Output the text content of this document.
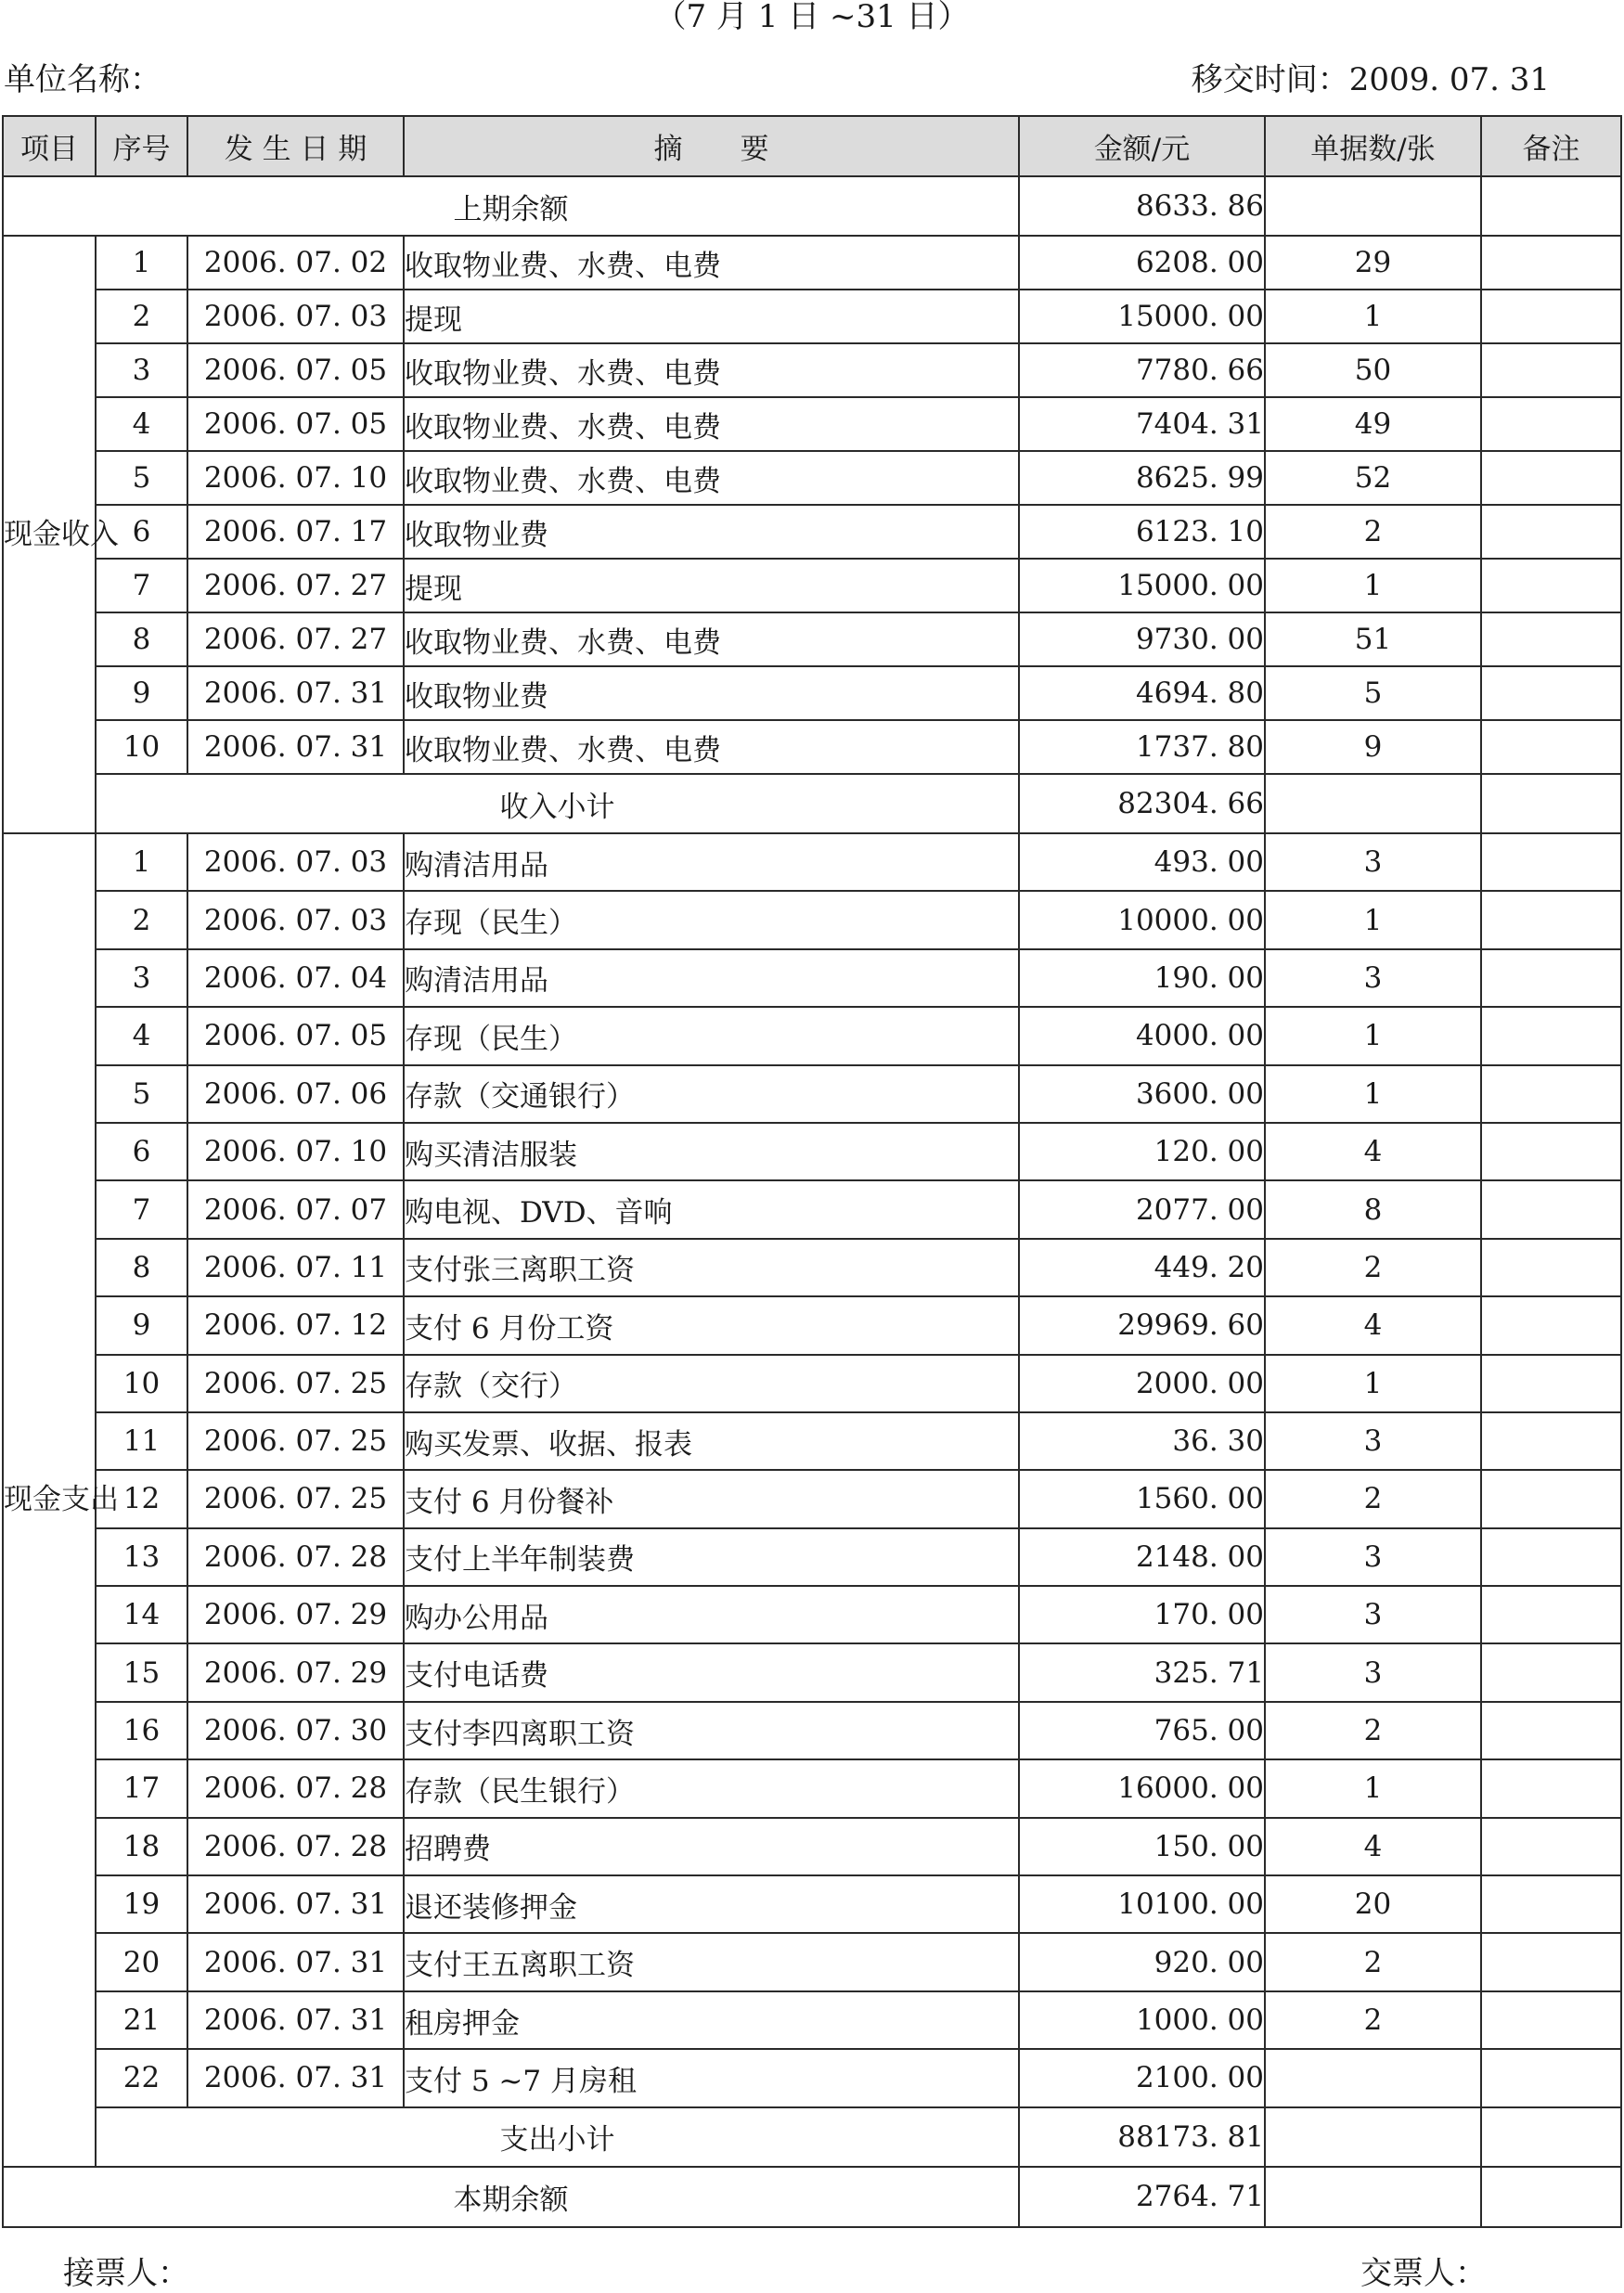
（7 月 1 日 ~31 日）
单位名称：	移交时间：2009. 07. 31
项目	序号	发 生 日 期	摘　　要	金额/元	单据数/张	备注
上期余额				8633. 86		
现金收入	1	2006. 07. 02	收取物业费、水费、电费	6208. 00	29	
	2	2006. 07. 03	提现	15000. 00	1	
	3	2006. 07. 05	收取物业费、水费、电费	7780. 66	50	
	4	2006. 07. 05	收取物业费、水费、电费	7404. 31	49	
	5	2006. 07. 10	收取物业费、水费、电费	8625. 99	52	
	6	2006. 07. 17	收取物业费	6123. 10	2	
	7	2006. 07. 27	提现	15000. 00	1	
	8	2006. 07. 27	收取物业费、水费、电费	9730. 00	51	
	9	2006. 07. 31	收取物业费	4694. 80	5	
	10	2006. 07. 31	收取物业费、水费、电费	1737. 80	9	
	收入小计			82304. 66		
现金支出	1	2006. 07. 03	购清洁用品	493. 00	3	
	2	2006. 07. 03	存现（民生）	10000. 00	1	
	3	2006. 07. 04	购清洁用品	190. 00	3	
	4	2006. 07. 05	存现（民生）	4000. 00	1	
	5	2006. 07. 06	存款（交通银行）	3600. 00	1	
	6	2006. 07. 10	购买清洁服装	120. 00	4	
	7	2006. 07. 07	购电视、DVD、音响	2077. 00	8	
	8	2006. 07. 11	支付张三离职工资	449. 20	2	
	9	2006. 07. 12	支付 6 月份工资	29969. 60	4	
	10	2006. 07. 25	存款（交行）	2000. 00	1	
	11	2006. 07. 25	购买发票、收据、报表	36. 30	3	
	12	2006. 07. 25	支付 6 月份餐补	1560. 00	2	
	13	2006. 07. 28	支付上半年制装费	2148. 00	3	
	14	2006. 07. 29	购办公用品	170. 00	3	
	15	2006. 07. 29	支付电话费	325. 71	3	
	16	2006. 07. 30	支付李四离职工资	765. 00	2	
	17	2006. 07. 28	存款（民生银行）	16000. 00	1	
	18	2006. 07. 28	招聘费	150. 00	4	
	19	2006. 07. 31	退还装修押金	10100. 00	20	
	20	2006. 07. 31	支付王五离职工资	920. 00	2	
	21	2006. 07. 31	租房押金	1000. 00	2	
	22	2006. 07. 31	支付 5 ~7 月房租	2100. 00		
	支出小计			88173. 81		
本期余额				2764. 71		
接票人：	交票人：
